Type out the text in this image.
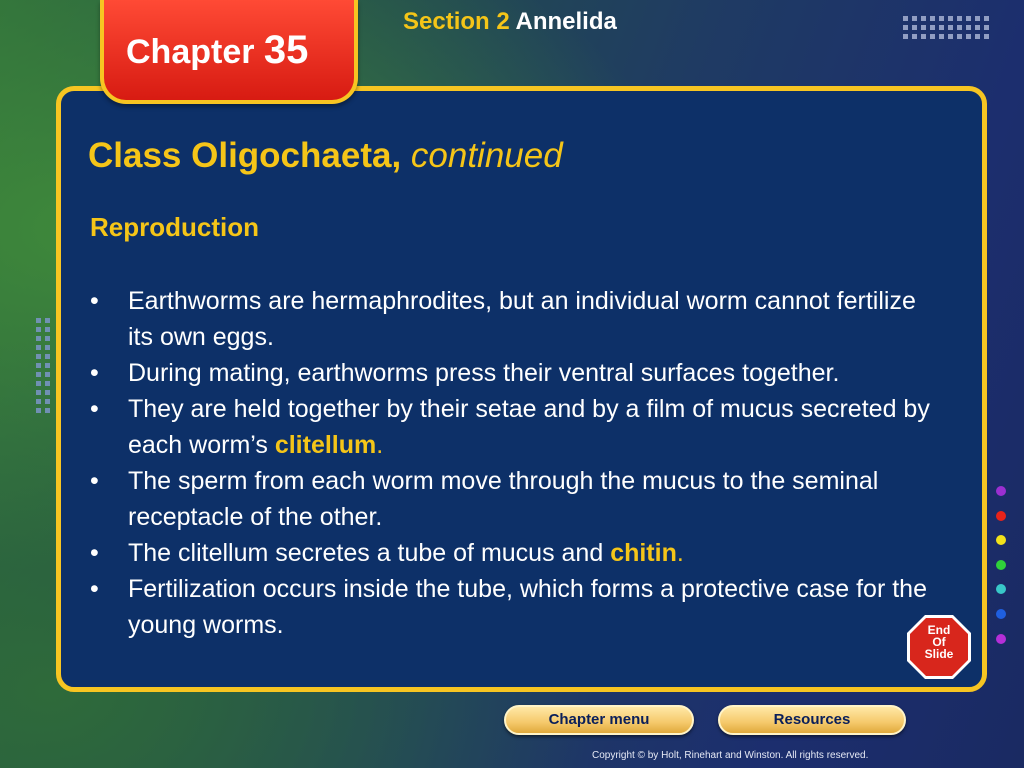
Section 2 Annelida
Chapter 35
Class Oligochaeta, continued
Reproduction
• Earthworms are hermaphrodites, but an individual worm cannot fertilize its own eggs.
• During mating, earthworms press their ventral surfaces together.
• They are held together by their setae and by a film of mucus secreted by each worm’s clitellum.
• The sperm from each worm move through the mucus to the seminal receptacle of the other.
• The clitellum secretes a tube of mucus and chitin.
• Fertilization occurs inside the tube, which forms a protective case for the young worms.	End
Of
Slide
Chapter menu	Resources
Copyright © by Holt, Rinehart and Winston. All rights reserved.
